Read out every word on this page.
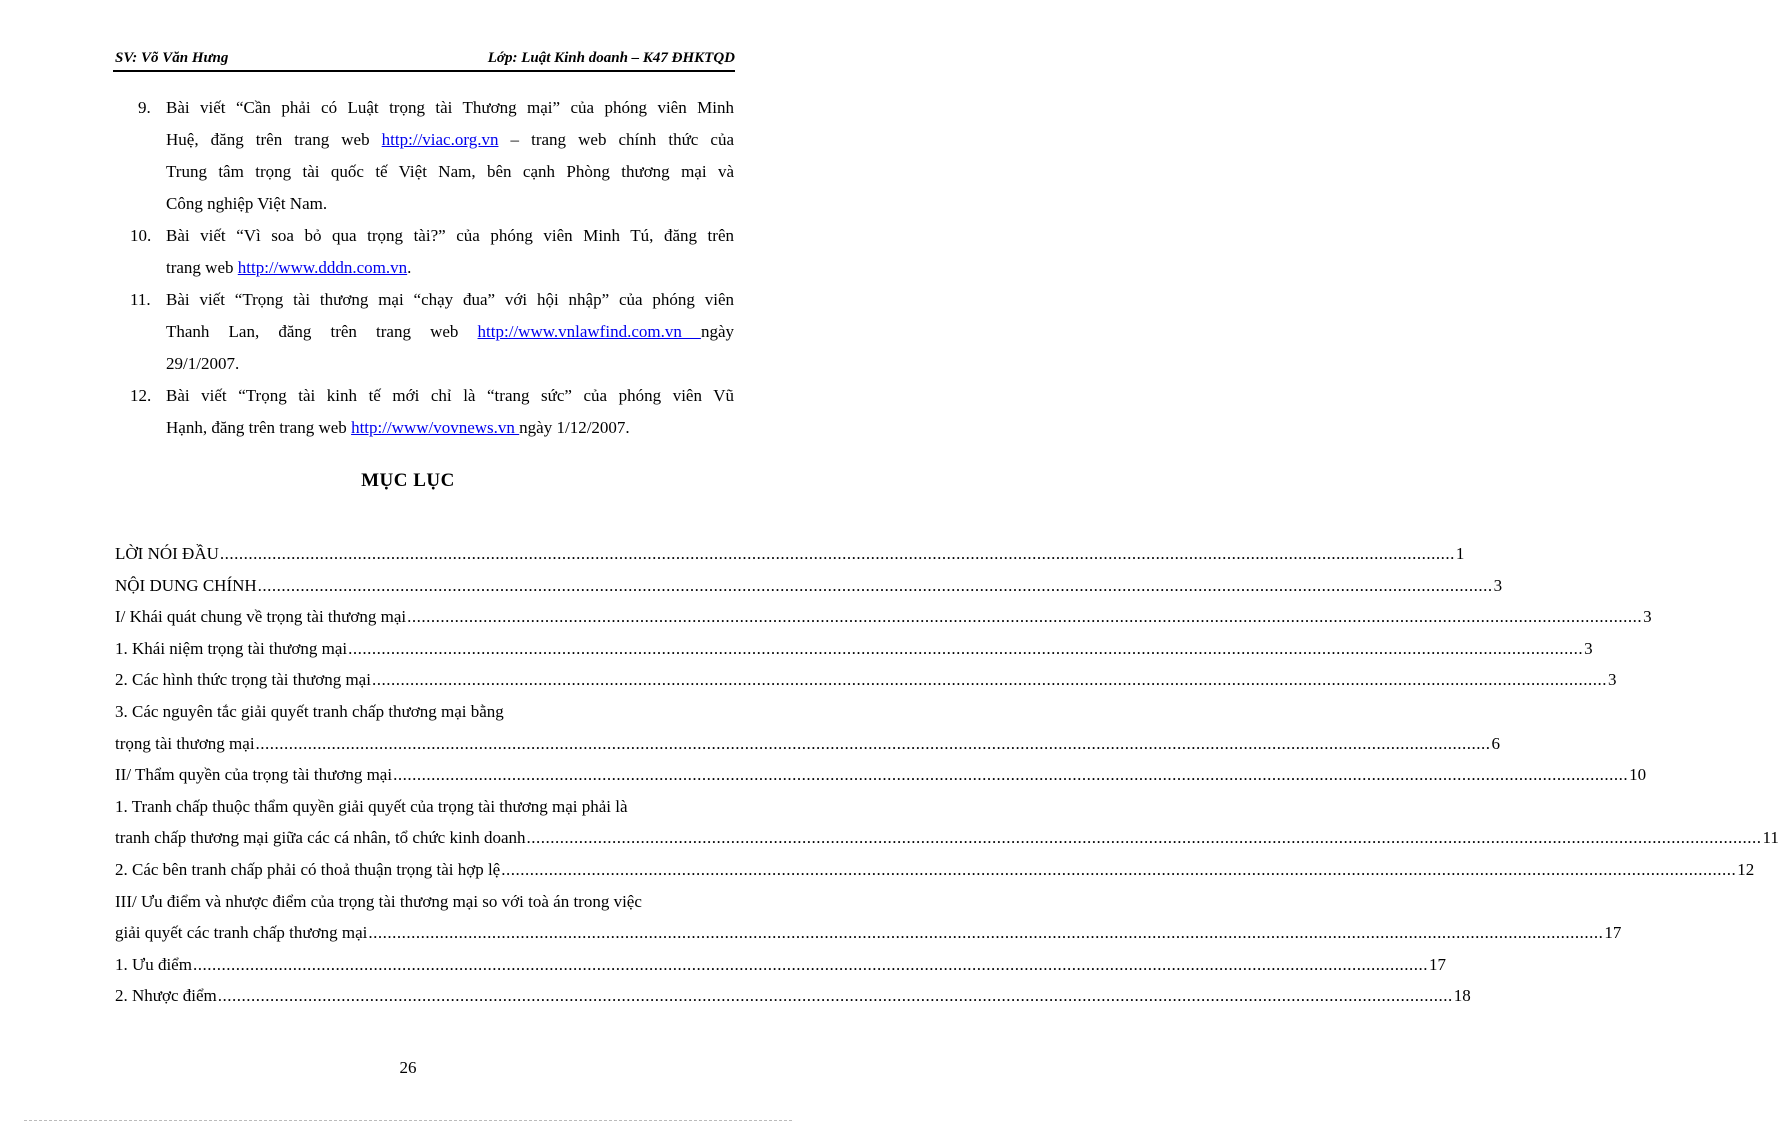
SV: Võ Văn Hưng	Lớp: Luật Kinh doanh – K47 ĐHKTQD
9. Bài viết “Cần phải có Luật trọng tài Thương mại” của phóng viên Minh
Huệ, đăng trên trang web http://viac.org.vn – trang web chính thức của
Trung tâm trọng tài quốc tế Việt Nam, bên cạnh Phòng thương mại và
Công nghiệp Việt Nam.
10. Bài viết “Vì soa bỏ qua trọng tài?” của phóng viên Minh Tú, đăng trên
trang web http://www.dddn.com.vn.
11. Bài viết “Trọng tài thương mại “chạy đua” với hội nhập” của phóng viên
Thanh Lan, đăng trên trang web http://www.vnlawfind.com.vn ngày
29/1/2007.
12. Bài viết “Trọng tài kinh tế mới chỉ là “trang sức” của phóng viên Vũ
Hạnh, đăng trên trang web http://www/vovnews.vn ngày 1/12/2007.
MỤC LỤC
LỜI NÓI ĐẦU .................................................................................................................................................................................................................................................................... 1
NỘI DUNG CHÍNH .................................................................................................................................................................................................................................................................... 3
I/ Khái quát chung về trọng tài thương mại .................................................................................................................................................................................................................................................................... 3
1. Khái niệm trọng tài thương mại .................................................................................................................................................................................................................................................................... 3
2. Các hình thức trọng tài thương mại .................................................................................................................................................................................................................................................................... 3
3. Các nguyên tắc giải quyết tranh chấp thương mại bằng
trọng tài thương mại .................................................................................................................................................................................................................................................................... 6
II/ Thẩm quyền của trọng tài thương mại .................................................................................................................................................................................................................................................................... 10
1. Tranh chấp thuộc thẩm quyền giải quyết của trọng tài thương mại phải là
tranh chấp thương mại giữa các cá nhân, tổ chức kinh doanh .................................................................................................................................................................................................................................................................... 11
2. Các bên tranh chấp phải có thoả thuận trọng tài hợp lệ .................................................................................................................................................................................................................................................................... 12
III/ Ưu điểm và nhược điểm của trọng tài thương mại so với toà án trong việc
giải quyết các tranh chấp thương mại .................................................................................................................................................................................................................................................................... 17
1. Ưu điểm .................................................................................................................................................................................................................................................................... 17
2. Nhược điểm .................................................................................................................................................................................................................................................................... 18
26
